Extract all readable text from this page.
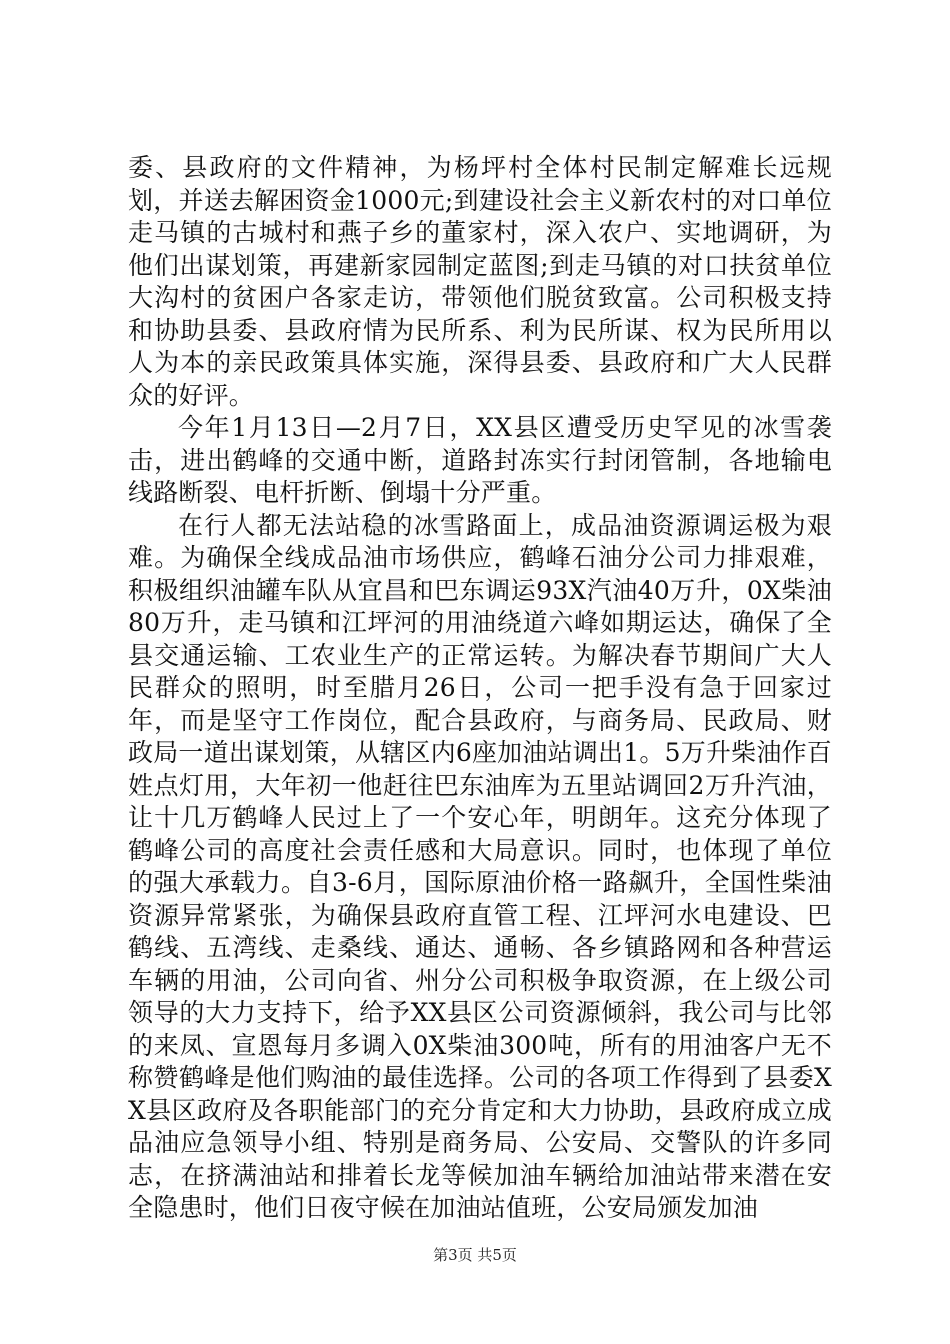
委、县政府的文件精神，为杨坪村全体村民制定解难长远规划，并送去解困资金1000元;到建设社会主义新农村的对口单位走马镇的古城村和燕子乡的董家村，深入农户、实地调研，为他们出谋划策，再建新家园制定蓝图;到走马镇的对口扶贫单位大沟村的贫困户各家走访，带领他们脱贫致富。公司积极支持和协助县委、县政府情为民所系、利为民所谋、权为民所用以人为本的亲民政策具体实施，深得县委、县政府和广大人民群众的好评。

今年1月13日—2月7日，XX县区遭受历史罕见的冰雪袭击，进出鹤峰的交通中断，道路封冻实行封闭管制，各地输电线路断裂、电杆折断、倒塌十分严重。

在行人都无法站稳的冰雪路面上，成品油资源调运极为艰难。为确保全线成品油市场供应，鹤峰石油分公司力排艰难，积极组织油罐车队从宜昌和巴东调运93X汽油40万升，0X柴油80万升，走马镇和江坪河的用油绕道六峰如期运达，确保了全县交通运输、工农业生产的正常运转。为解决春节期间广大人民群众的照明，时至腊月26日，公司一把手没有急于回家过年，而是坚守工作岗位，配合县政府，与商务局、民政局、财政局一道出谋划策，从辖区内6座加油站调出1。5万升柴油作百姓点灯用，大年初一他赶往巴东油库为五里站调回2万升汽油，让十几万鹤峰人民过上了一个安心年，明朗年。这充分体现了鹤峰公司的高度社会责任感和大局意识。同时，也体现了单位的强大承载力。自3-6月，国际原油价格一路飙升，全国性柴油资源异常紧张，为确保县政府直管工程、江坪河水电建设、巴鹤线、五湾线、走桑线、通达、通畅、各乡镇路网和各种营运车辆的用油，公司向省、州分公司积极争取资源，在上级公司领导的大力支持下，给予XX县区公司资源倾斜，我公司与比邻的来凤、宣恩每月多调入0X柴油300吨，所有的用油客户无不称赞鹤峰是他们购油的最佳选择。公司的各项工作得到了县委XX县区政府及各职能部门的充分肯定和大力协助，县政府成立成品油应急领导小组、特别是商务局、公安局、交警队的许多同志，在挤满油站和排着长龙等候加油车辆给加油站带来潜在安全隐患时，他们日夜守候在加油站值班，公安局颁发加油

第3页 共5页
